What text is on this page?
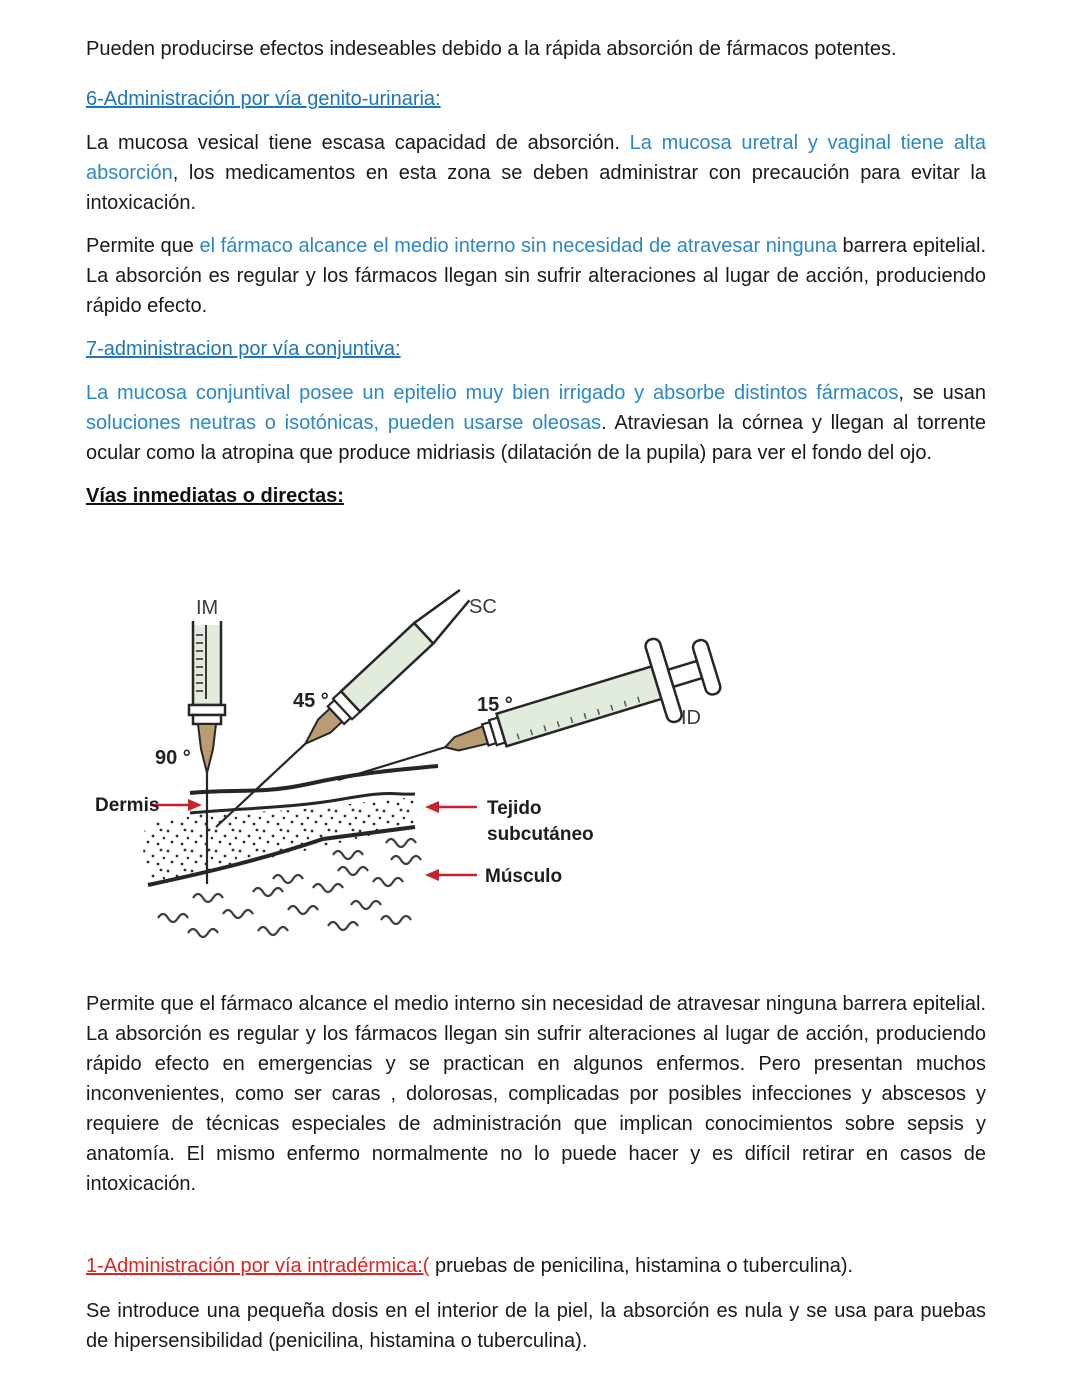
Pueden producirse efectos indeseables debido a la rápida absorción de fármacos potentes.

6-Administración por vía genito-urinaria:

La mucosa vesical tiene escasa capacidad de absorción. La mucosa uretral y vaginal tiene alta absorción, los medicamentos en esta zona se deben administrar con precaución para evitar la intoxicación.

Permite que el fármaco alcance el medio interno sin necesidad de atravesar ninguna barrera epitelial. La absorción es regular y los fármacos llegan sin sufrir alteraciones al lugar de acción, produciendo rápido efecto.

7-administracion por vía conjuntiva:

La mucosa conjuntival posee un epitelio muy bien irrigado y absorbe distintos fármacos, se usan soluciones neutras o isotónicas, pueden usarse oleosas. Atraviesan la córnea y llegan al torrente ocular como la atropina que produce midriasis (dilatación de la pupila) para ver el fondo del ojo.

Vías inmediatas o directas:

IM	SC
ID
90 °
45 °	15 °
Dermis	Tejido
subcutáneo
Músculo

Permite que el fármaco alcance el medio interno sin necesidad de atravesar ninguna barrera epitelial. La absorción es regular y los fármacos llegan sin sufrir alteraciones al lugar de acción, produciendo rápido efecto en emergencias y se practican en algunos enfermos. Pero presentan muchos inconvenientes, como ser caras , dolorosas, complicadas por posibles infecciones y abscesos y requiere de técnicas especiales de administración que implican conocimientos sobre sepsis y anatomía. El mismo enfermo normalmente no lo puede hacer y es difícil retirar en casos de intoxicación.

1-Administración por vía intradérmica:( pruebas de penicilina, histamina o tuberculina).

Se introduce una pequeña dosis en el interior de la piel, la absorción es nula y se usa para puebas de hipersensibilidad (penicilina, histamina o tuberculina).
